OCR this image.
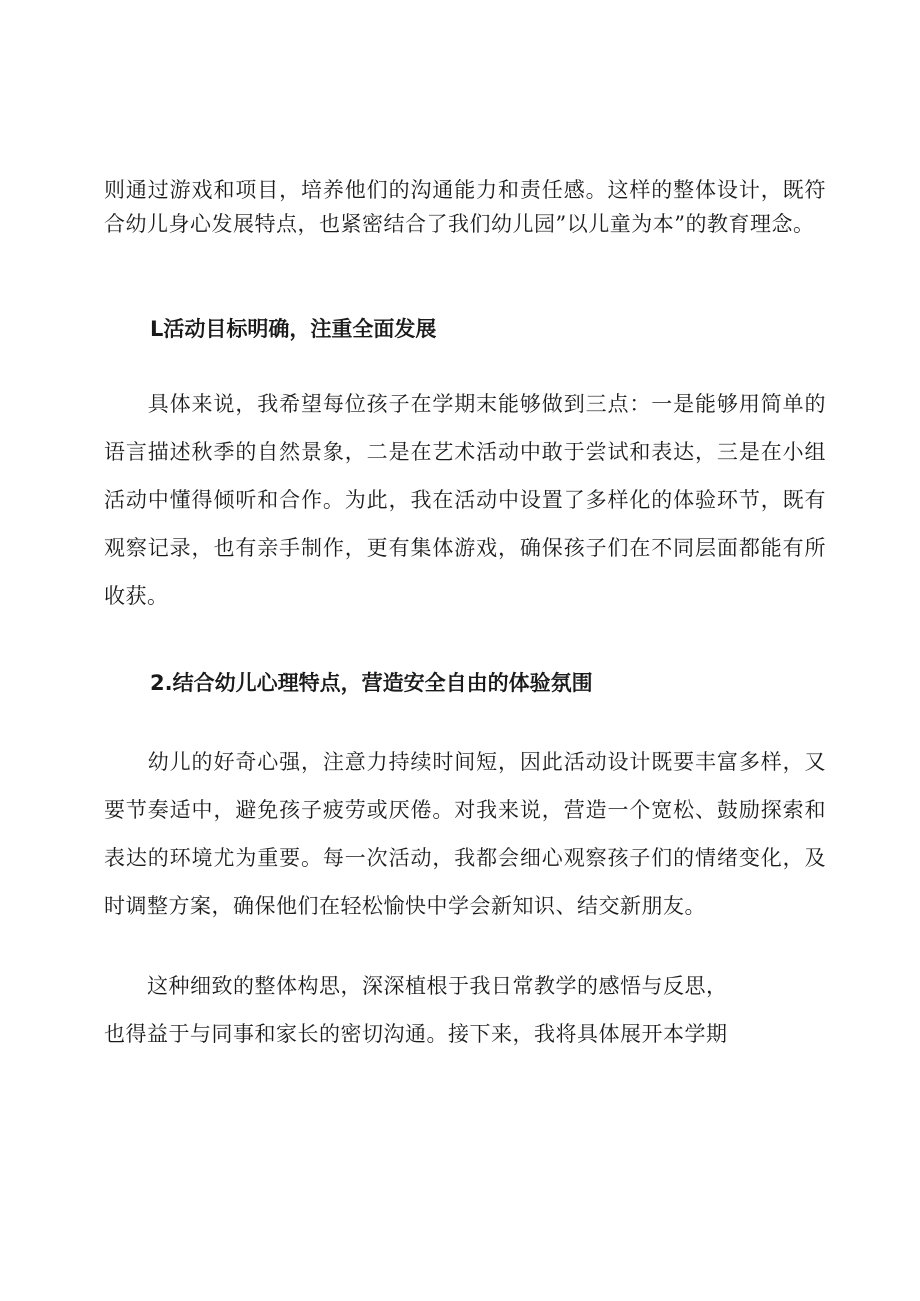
则通过游戏和项目，培养他们的沟通能力和责任感。这样的整体设计，既符
合幼儿身心发展特点，也紧密结合了我们幼儿园”以儿童为本”的教育理念。
L活动目标明确，注重全面发展
　　具体来说，我希望每位孩子在学期末能够做到三点：一是能够用简单的
语言描述秋季的自然景象，二是在艺术活动中敢于尝试和表达，三是在小组
活动中懂得倾听和合作。为此，我在活动中设置了多样化的体验环节，既有
观察记录，也有亲手制作，更有集体游戏，确保孩子们在不同层面都能有所
收获。
2.结合幼儿心理特点，营造安全自由的体验氛围
　　幼儿的好奇心强，注意力持续时间短，因此活动设计既要丰富多样，又
要节奏适中，避免孩子疲劳或厌倦。对我来说，营造一个宽松、鼓励探索和
表达的环境尤为重要。每一次活动，我都会细心观察孩子们的情绪变化，及
时调整方案，确保他们在轻松愉快中学会新知识、结交新朋友。
　　这种细致的整体构思，深深植根于我日常教学的感悟与反思，
也得益于与同事和家长的密切沟通。接下来，我将具体展开本学期
